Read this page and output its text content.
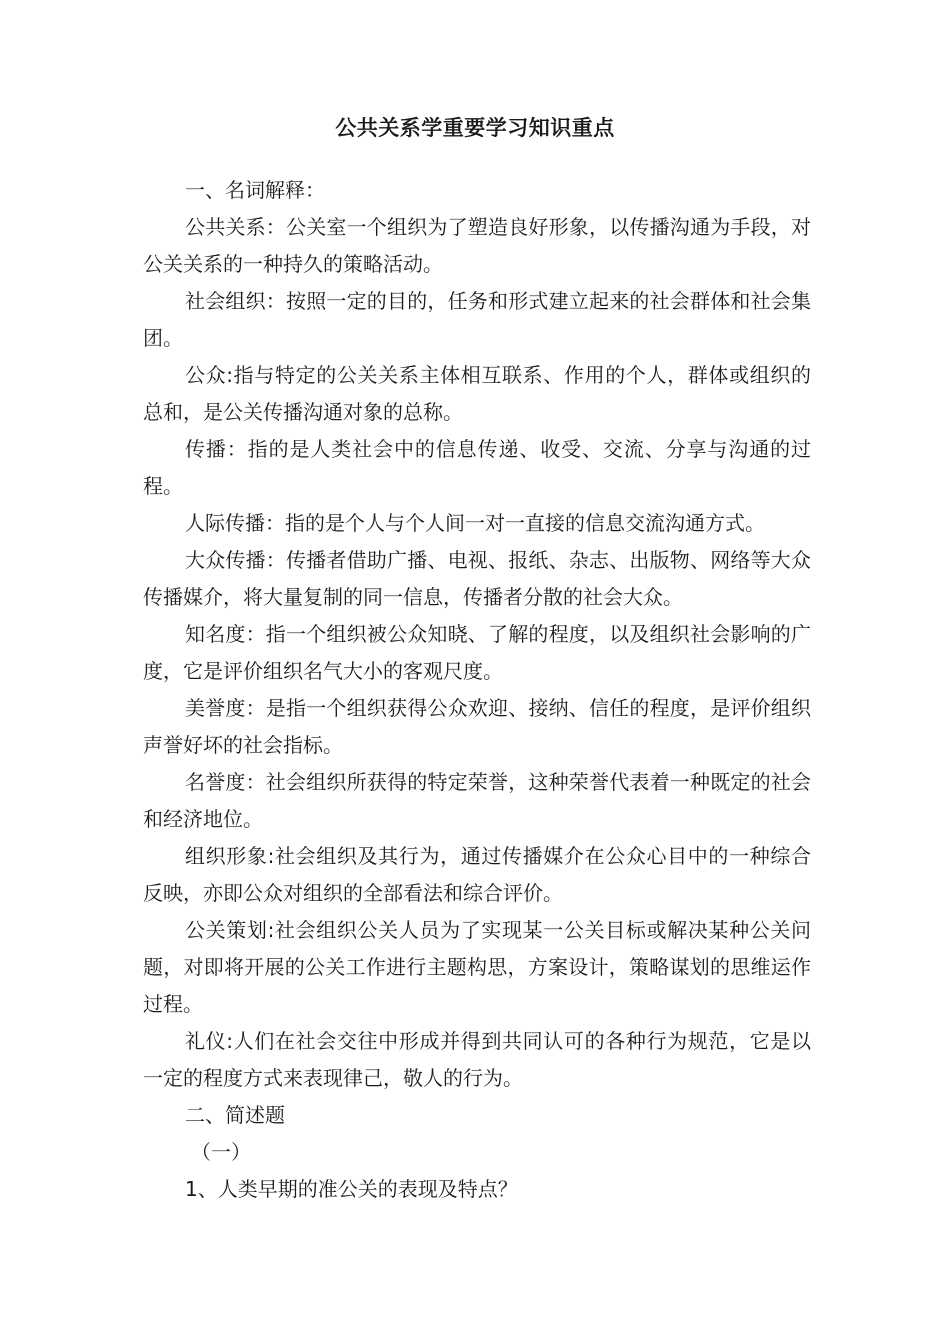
公共关系学重要学习知识重点

一、名词解释：

公共关系：公关室一个组织为了塑造良好形象，以传播沟通为手段，对公关关系的一种持久的策略活动。

社会组织：按照一定的目的，任务和形式建立起来的社会群体和社会集团。

公众:指与特定的公关关系主体相互联系、作用的个人，群体或组织的总和，是公关传播沟通对象的总称。

传播：指的是人类社会中的信息传递、收受、交流、分享与沟通的过程。

人际传播：指的是个人与个人间一对一直接的信息交流沟通方式。

大众传播：传播者借助广播、电视、报纸、杂志、出版物、网络等大众传播媒介，将大量复制的同一信息，传播者分散的社会大众。

知名度：指一个组织被公众知晓、了解的程度，以及组织社会影响的广度，它是评价组织名气大小的客观尺度。

美誉度：是指一个组织获得公众欢迎、接纳、信任的程度，是评价组织声誉好坏的社会指标。

名誉度：社会组织所获得的特定荣誉，这种荣誉代表着一种既定的社会和经济地位。

组织形象:社会组织及其行为，通过传播媒介在公众心目中的一种综合反映，亦即公众对组织的全部看法和综合评价。

公关策划:社会组织公关人员为了实现某一公关目标或解决某种公关问题，对即将开展的公关工作进行主题构思，方案设计，策略谋划的思维运作过程。

礼仪:人们在社会交往中形成并得到共同认可的各种行为规范，它是以一定的程度方式来表现律己，敬人的行为。

二、简述题

（一）

1、人类早期的准公关的表现及特点？
